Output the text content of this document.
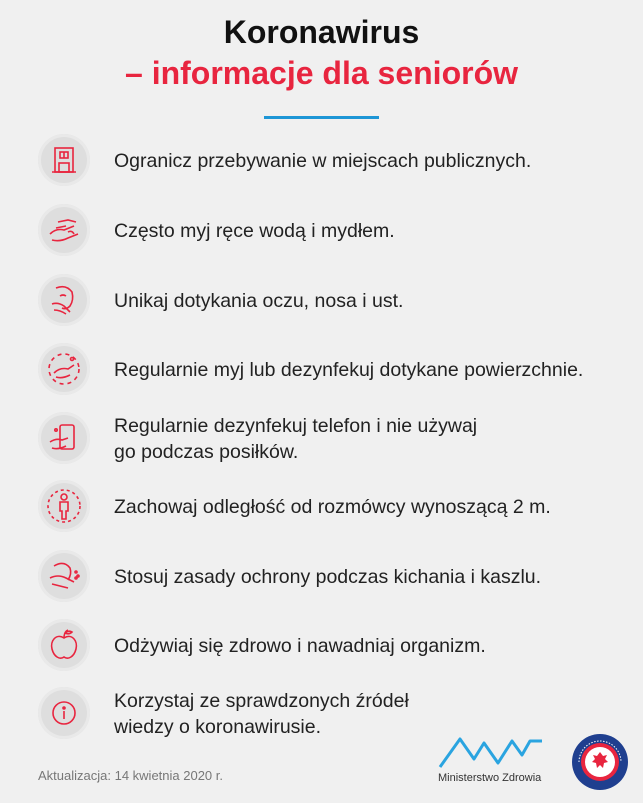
Koronawirus
– informacje dla seniorów
Ogranicz przebywanie w miejscach publicznych.
Często myj ręce wodą i mydłem.
Unikaj dotykania oczu, nosa i ust.
Regularnie myj lub dezynfekuj dotykane powierzchnie.
Regularnie dezynfekuj telefon i nie używaj
go podczas posiłków.
Zachowaj odległość od rozmówcy wynoszącą 2 m.
Stosuj zasady ochrony podczas kichania i kaszlu.
Odżywiaj się zdrowo i nawadniaj organizm.
Korzystaj ze sprawdzonych źródeł
wiedzy o koronawirusie.
Aktualizacja: 14 kwietnia 2020 r.	Ministerstwo Zdrowia
